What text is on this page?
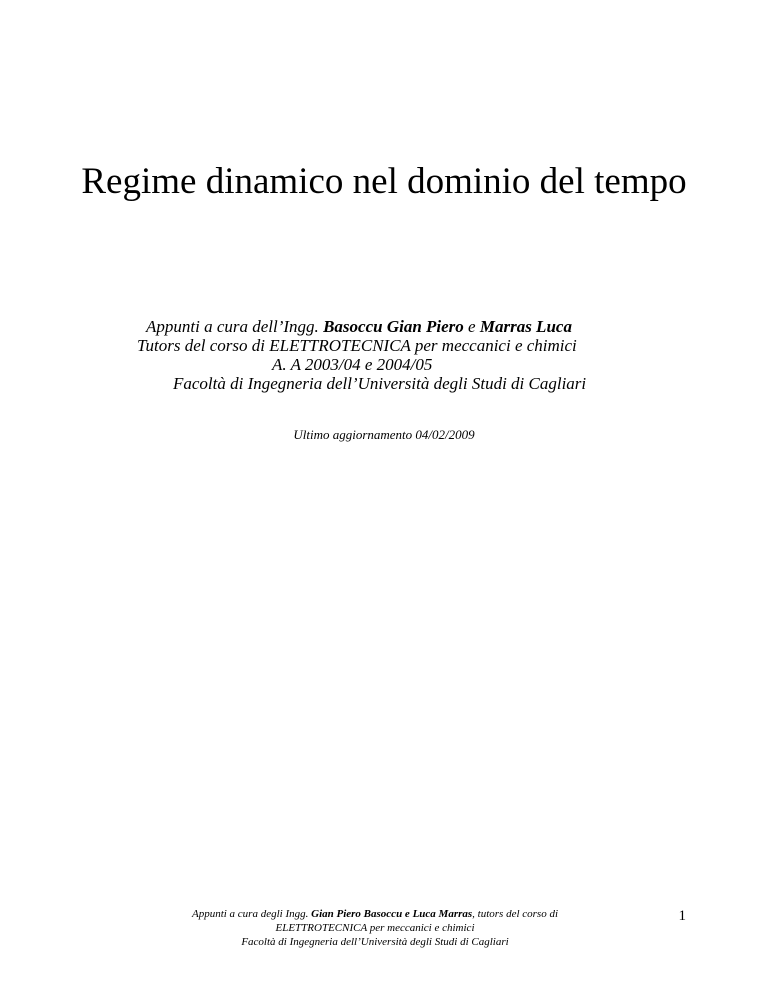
Regime dinamico nel dominio del tempo
Appunti a cura dell’Ingg. Basoccu Gian Piero e Marras Luca
Tutors del corso di ELETTROTECNICA per meccanici e chimici
A. A 2003/04 e 2004/05
Facoltà di Ingegneria dell’Università degli Studi di Cagliari
Ultimo aggiornamento 04/02/2009
Appunti a cura degli Ingg. Gian Piero Basoccu e Luca Marras, tutors del corso di
ELETTROTECNICA per meccanici e chimici
Facoltà di Ingegneria dell’Università degli Studi di Cagliari
1
